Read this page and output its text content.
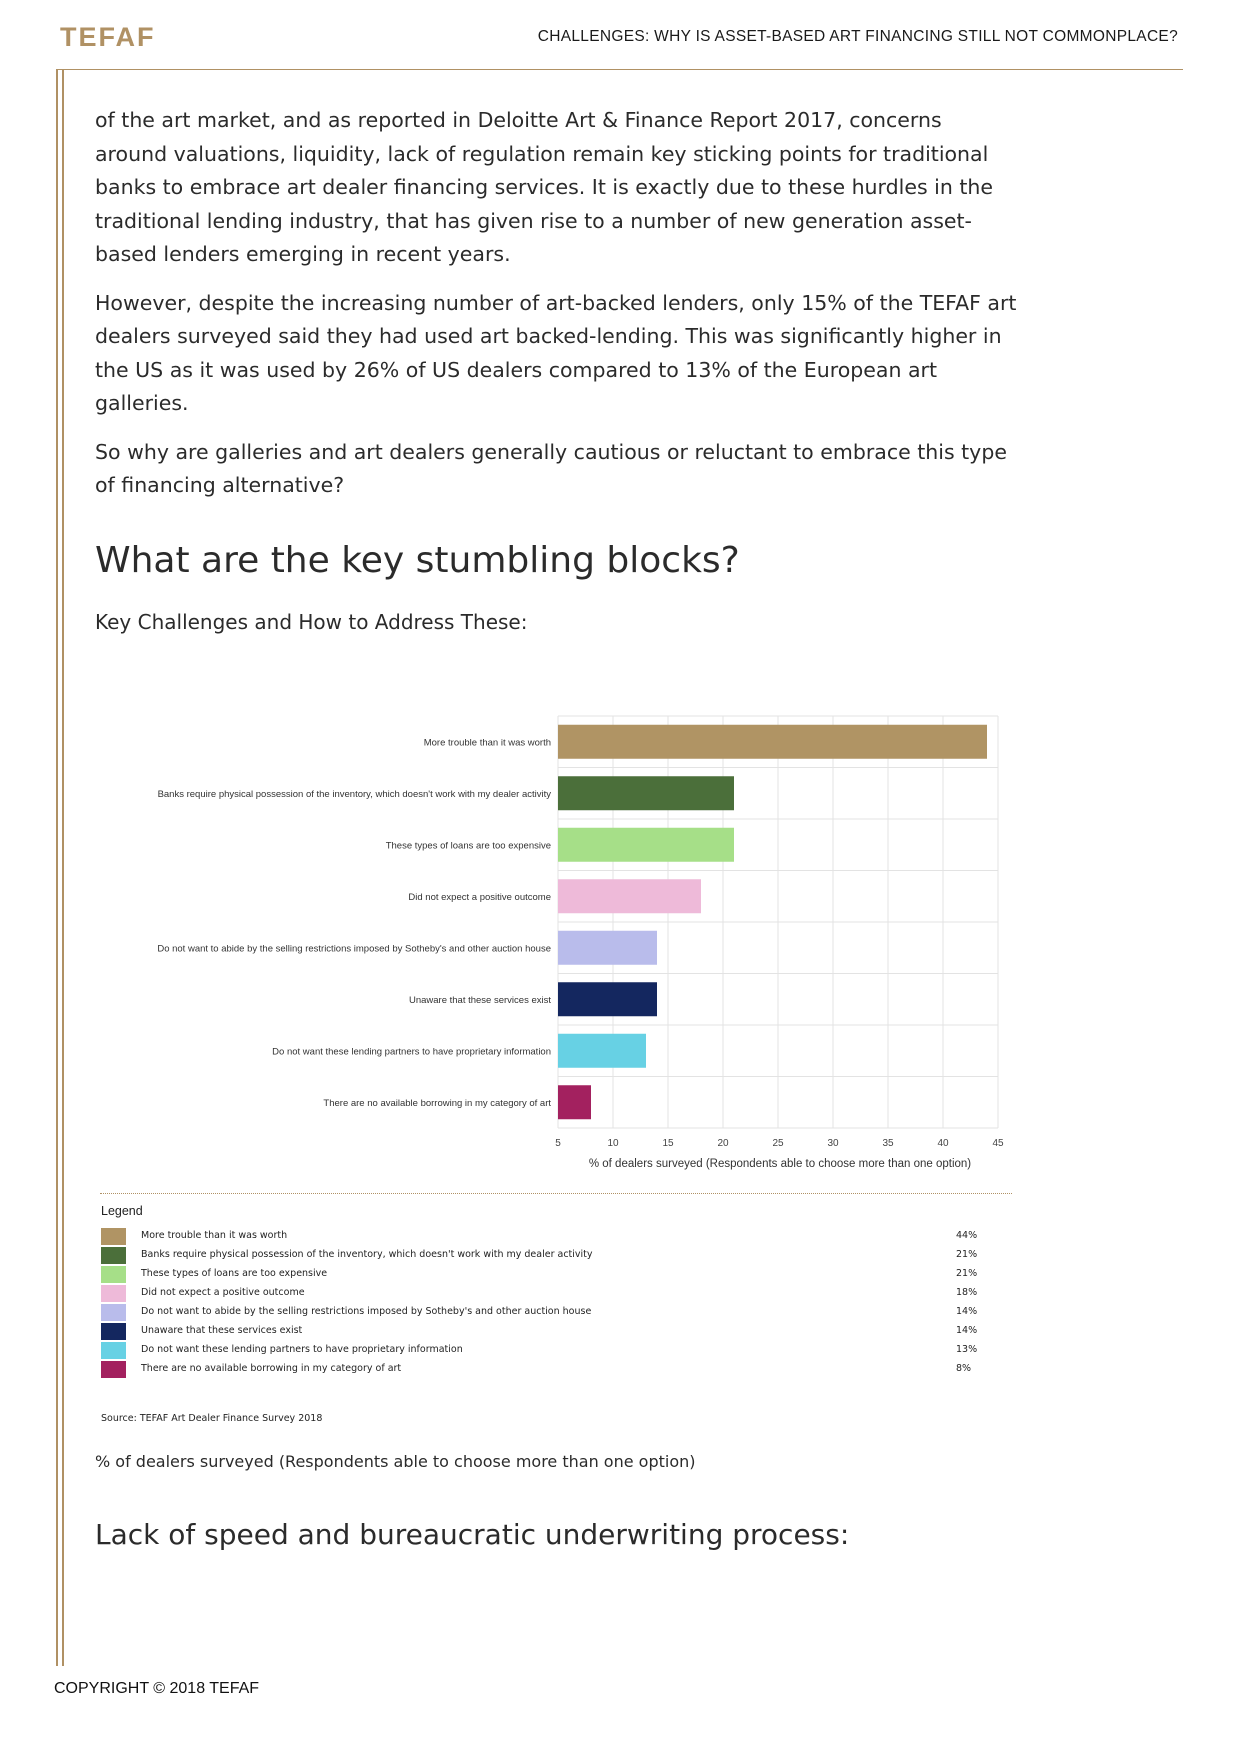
TEFAF	CHALLENGES: WHY IS ASSET-BASED ART FINANCING STILL NOT COMMONPLACE?

of the art market, and as reported in Deloitte Art & Finance Report 2017, concerns around valuations, liquidity, lack of regulation remain key sticking points for traditional banks to embrace art dealer financing services. It is exactly due to these hurdles in the traditional lending industry, that has given rise to a number of new generation asset-based lenders emerging in recent years.

However, despite the increasing number of art-backed lenders, only 15% of the TEFAF art dealers surveyed said they had used art backed-lending. This was significantly higher in the US as it was used by 26% of US dealers compared to 13% of the European art galleries.

So why are galleries and art dealers generally cautious or reluctant to embrace this type of financing alternative?

What are the key stumbling blocks?
Key Challenges and How to Address These:
More trouble than it was worth
Banks require physical possession of the inventory, which doesn't work with my dealer activity
These types of loans are too expensive
Did not expect a positive outcome
Do not want to abide by the selling restrictions imposed by Sotheby's and other auction house
Unaware that these services exist
Do not want these lending partners to have proprietary information
There are no available borrowing in my category of art
5	10	15	20	25	30	35	40	45
% of dealers surveyed (Respondents able to choose more than one option)
Legend
More trouble than it was worth	44%
Banks require physical possession of the inventory, which doesn't work with my dealer activity	21%
These types of loans are too expensive	21%
Did not expect a positive outcome	18%
Do not want to abide by the selling restrictions imposed by Sotheby's and other auction house	14%
Unaware that these services exist	14%
Do not want these lending partners to have proprietary information	13%
There are no available borrowing in my category of art	8%
Source: TEFAF Art Dealer Finance Survey 2018
% of dealers surveyed (Respondents able to choose more than one option)
Lack of speed and bureaucratic underwriting process:
COPYRIGHT © 2018 TEFAF
